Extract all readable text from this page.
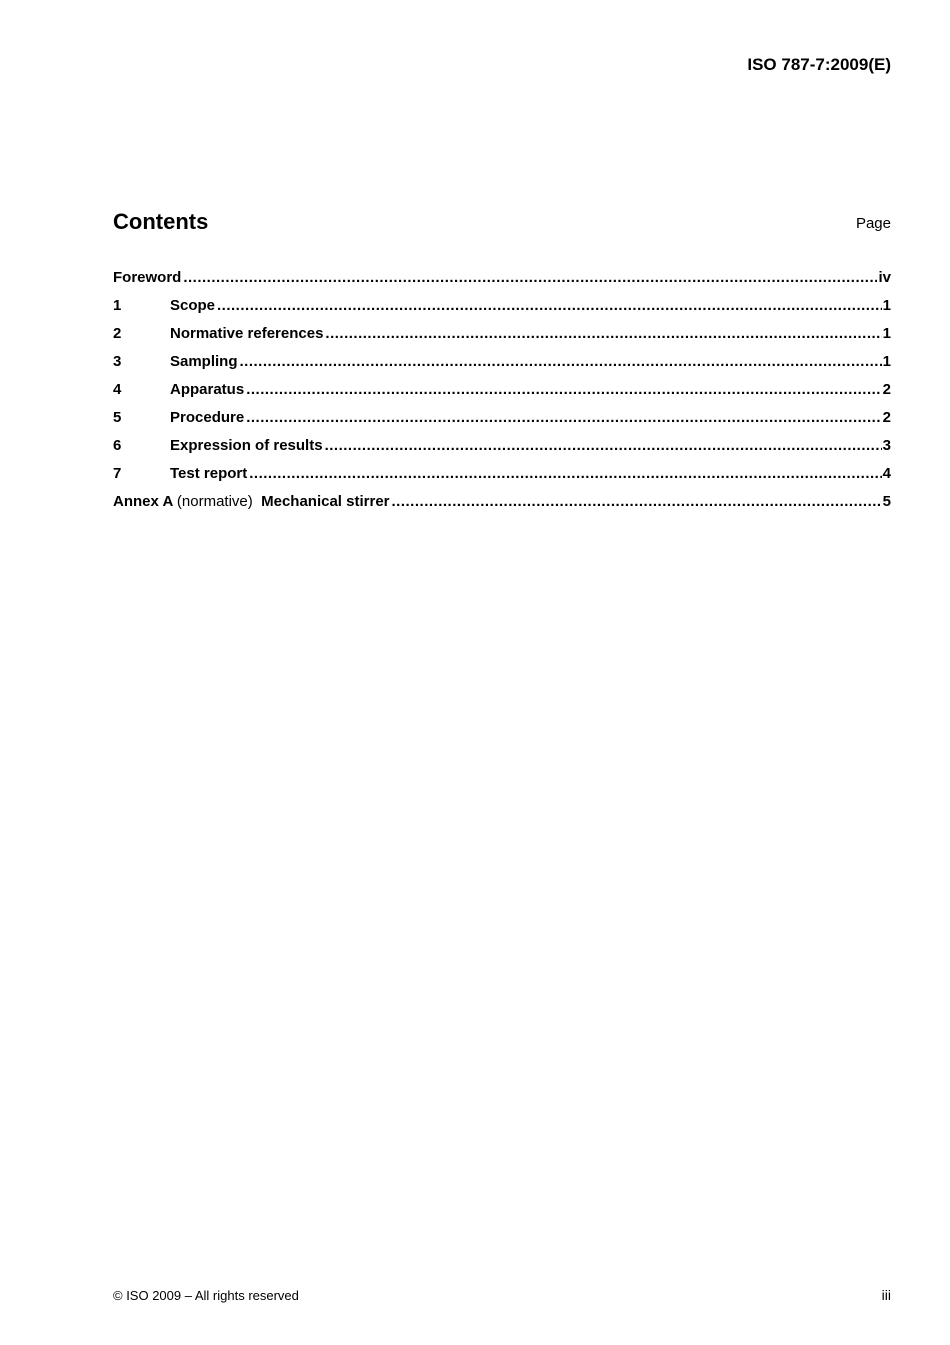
ISO 787-7:2009(E)
Contents	Page
Foreword .....	iv
1	Scope .....	1
2	Normative references .....	1
3	Sampling .....	1
4	Apparatus .....	2
5	Procedure .....	2
6	Expression of results .....	3
7	Test report .....	4
Annex A (normative) Mechanical stirrer .....	5
© ISO 2009 – All rights reserved	iii
